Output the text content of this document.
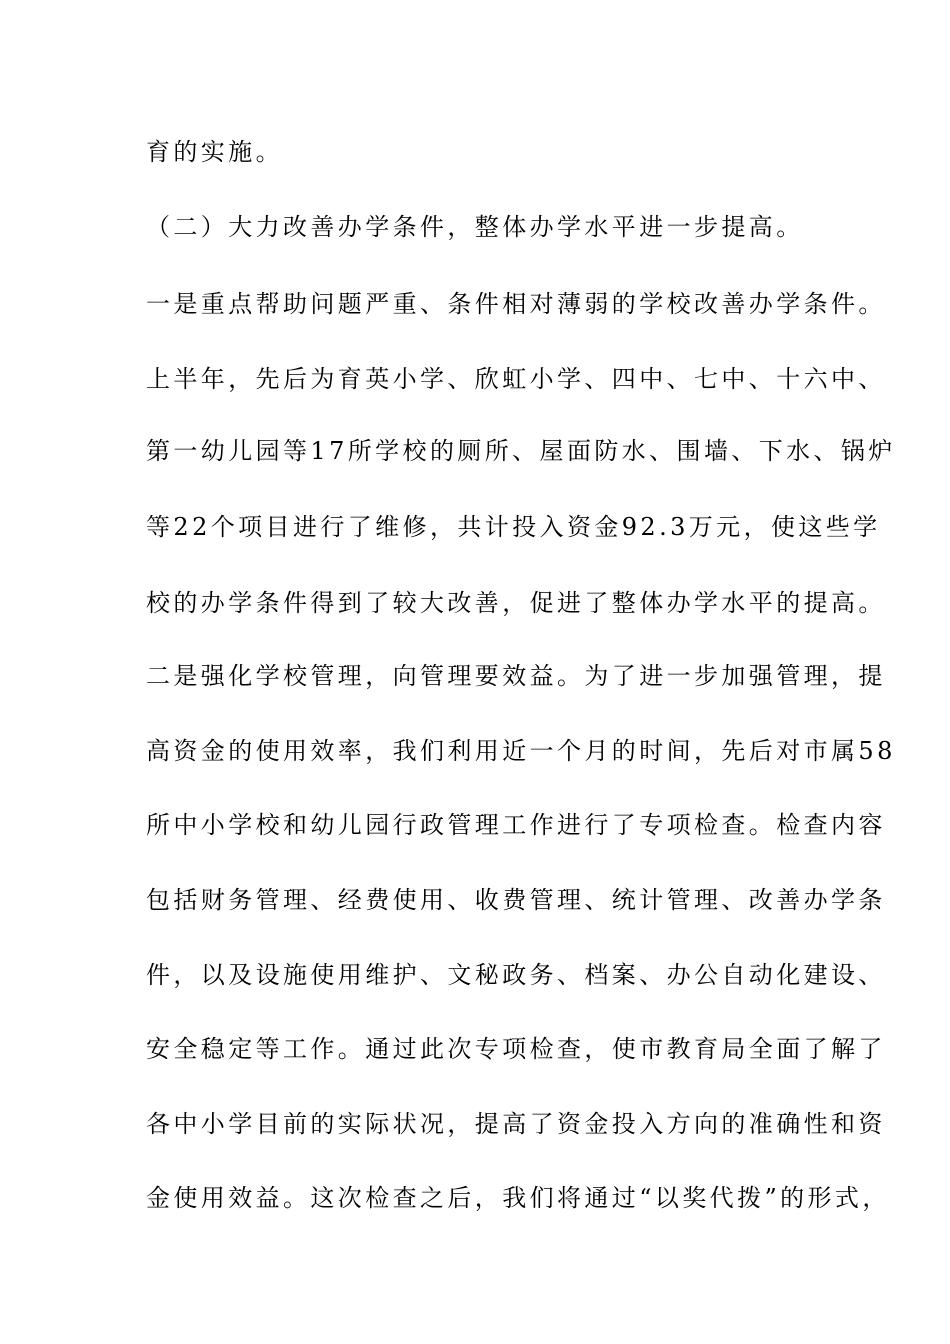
育的实施。

（二）大力改善办学条件，整体办学水平进一步提高。

一是重点帮助问题严重、条件相对薄弱的学校改善办学条件。

上半年，先后为育英小学、欣虹小学、四中、七中、十六中、

第一幼儿园等17所学校的厕所、屋面防水、围墙、下水、锅炉

等22个项目进行了维修，共计投入资金92.3万元，使这些学

校的办学条件得到了较大改善，促进了整体办学水平的提高。

二是强化学校管理，向管理要效益。为了进一步加强管理，提

高资金的使用效率，我们利用近一个月的时间，先后对市属58

所中小学校和幼儿园行政管理工作进行了专项检查。检查内容

包括财务管理、经费使用、收费管理、统计管理、改善办学条

件，以及设施使用维护、文秘政务、档案、办公自动化建设、

安全稳定等工作。通过此次专项检查，使市教育局全面了解了

各中小学目前的实际状况，提高了资金投入方向的准确性和资

金使用效益。这次检查之后，我们将通过“以奖代拨”的形式，
